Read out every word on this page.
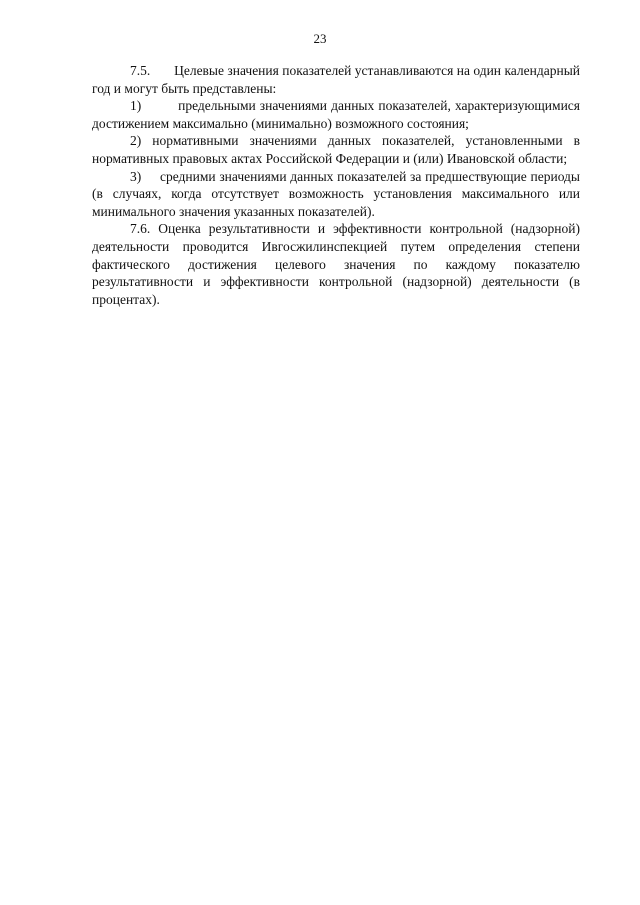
23

7.5.       Целевые значения показателей устанавливаются на один календарный год и могут быть представлены:

1)         предельными значениями данных показателей, характеризующимися достижением максимально (минимально) возможного состояния;

2) нормативными значениями данных показателей, установленными в нормативных правовых актах Российской Федерации и (или) Ивановской области;

3)     средними значениями данных показателей за предшествующие периоды (в случаях, когда отсутствует возможность установления максимального или минимального значения указанных показателей).

7.6. Оценка результативности и эффективности контрольной (надзорной) деятельности проводится Ивгосжилинспекцией путем определения степени фактического достижения целевого значения по каждому показателю результативности и эффективности контрольной (надзорной) деятельности (в процентах).
